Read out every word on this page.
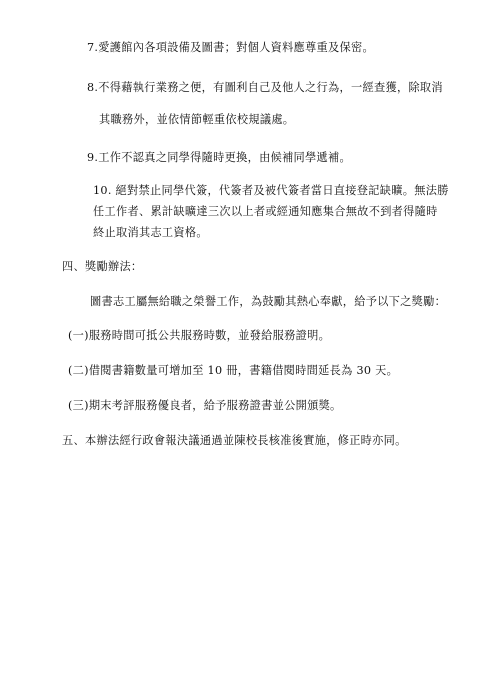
7.愛護館內各項設備及圖書；對個人資料應尊重及保密。
8.不得藉執行業務之便，有圖利自己及他人之行為，一經查獲，除取消
其職務外，並依情節輕重依校規議處。
9.工作不認真之同學得隨時更換，由候補同學遞補。
10. 絕對禁止同學代簽，代簽者及被代簽者當日直接登記缺曠。無法勝
任工作者、累計缺曠達三次以上者或經通知應集合無故不到者得隨時
終止取消其志工資格。
四、獎勵辦法：
圖書志工屬無給職之榮譽工作，為鼓勵其熱心奉獻，給予以下之獎勵：
(一)服務時間可抵公共服務時數，並發給服務證明。
(二)借閱書籍數量可增加至 10 冊，書籍借閱時間延長為 30 天。
(三)期末考評服務優良者，給予服務證書並公開頒獎。
五、本辦法經行政會報決議通過並陳校長核准後實施，修正時亦同。
